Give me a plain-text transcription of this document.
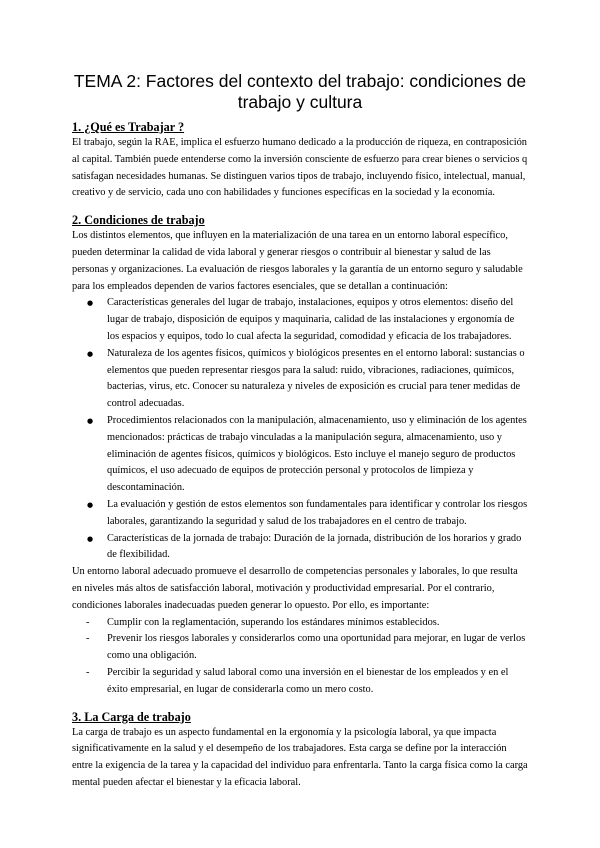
TEMA 2: Factores del contexto del trabajo: condiciones de trabajo y cultura
1. ¿Qué es Trabajar ?

El trabajo, según la RAE, implica el esfuerzo humano dedicado a la producción de riqueza, en contraposición al capital. También puede entenderse como la inversión consciente de esfuerzo para crear bienes o servicios q satisfagan necesidades humanas. Se distinguen varios tipos de trabajo, incluyendo físico, intelectual, manual, creativo y de servicio, cada uno con habilidades y funciones específicas en la sociedad y la economía.

2. Condiciones de trabajo

Los distintos elementos, que influyen en la materialización de una tarea en un entorno laboral específico, pueden determinar la calidad de vida laboral y generar riesgos o contribuir al bienestar y salud de las personas y organizaciones. La evaluación de riesgos laborales y la garantía de un entorno seguro y saludable para los empleados dependen de varios factores esenciales, que se detallan a continuación:

● Características generales del lugar de trabajo, instalaciones, equipos y otros elementos: diseño del lugar de trabajo, disposición de equipos y maquinaria, calidad de las instalaciones y ergonomía de los espacios y equipos, todo lo cual afecta la seguridad, comodidad y eficacia de los trabajadores.
● Naturaleza de los agentes físicos, químicos y biológicos presentes en el entorno laboral: sustancias o elementos que pueden representar riesgos para la salud: ruido, vibraciones, radiaciones, químicos, bacterias, virus, etc. Conocer su naturaleza y niveles de exposición es crucial para tener medidas de control adecuadas.
● Procedimientos relacionados con la manipulación, almacenamiento, uso y eliminación de los agentes mencionados: prácticas de trabajo vinculadas a la manipulación segura, almacenamiento, uso y eliminación de agentes físicos, químicos y biológicos. Esto incluye el manejo seguro de productos químicos, el uso adecuado de equipos de protección personal y protocolos de limpieza y descontaminación.
● La evaluación y gestión de estos elementos son fundamentales para identificar y controlar los riesgos laborales, garantizando la seguridad y salud de los trabajadores en el centro de trabajo.
● Características de la jornada de trabajo: Duración de la jornada, distribución de los horarios y grado de flexibilidad.

Un entorno laboral adecuado promueve el desarrollo de competencias personales y laborales, lo que resulta en niveles más altos de satisfacción laboral, motivación y productividad empresarial. Por el contrario, condiciones laborales inadecuadas pueden generar lo opuesto. Por ello, es importante:

- Cumplir con la reglamentación, superando los estándares mínimos establecidos.
- Prevenir los riesgos laborales y considerarlos como una oportunidad para mejorar, en lugar de verlos como una obligación.
- Percibir la seguridad y salud laboral como una inversión en el bienestar de los empleados y en el éxito empresarial, en lugar de considerarla como un mero costo.
3. La Carga de trabajo

La carga de trabajo es un aspecto fundamental en la ergonomía y la psicología laboral, ya que impacta significativamente en la salud y el desempeño de los trabajadores. Esta carga se define por la interacción entre la exigencia de la tarea y la capacidad del individuo para enfrentarla. Tanto la carga física como la carga mental pueden afectar el bienestar y la eficacia laboral.
